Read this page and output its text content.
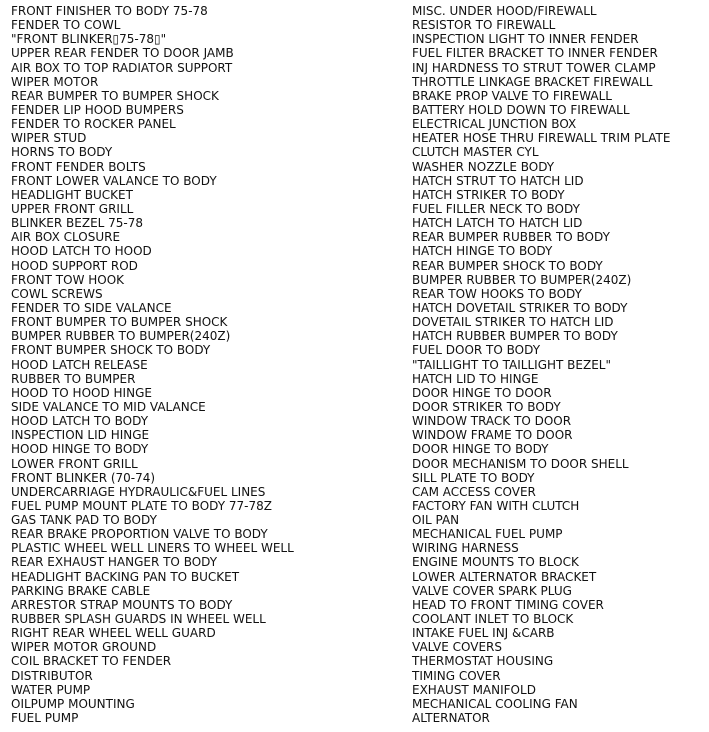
FRONT FINISHER TO BODY 75-78
FENDER TO COWL
"FRONT BLINKER▯75-78▯"
UPPER REAR FENDER TO DOOR JAMB
AIR BOX TO TOP RADIATOR SUPPORT
WIPER MOTOR
REAR BUMPER TO BUMPER SHOCK
FENDER LIP HOOD BUMPERS
FENDER TO ROCKER PANEL
WIPER STUD
HORNS TO BODY
FRONT FENDER BOLTS
FRONT LOWER VALANCE TO BODY
HEADLIGHT BUCKET
UPPER FRONT GRILL
BLINKER BEZEL 75-78
AIR BOX CLOSURE
HOOD LATCH TO HOOD
HOOD SUPPORT ROD
FRONT TOW HOOK
COWL SCREWS
FENDER TO SIDE VALANCE
FRONT BUMPER TO BUMPER SHOCK
BUMPER RUBBER TO BUMPER(240Z)
FRONT BUMPER SHOCK TO BODY
HOOD LATCH RELEASE
RUBBER TO BUMPER
HOOD TO HOOD HINGE
SIDE VALANCE TO MID VALANCE
HOOD LATCH TO BODY
INSPECTION LID HINGE
HOOD HINGE TO BODY
LOWER FRONT GRILL
FRONT BLINKER (70-74)
UNDERCARRIAGE HYDRAULIC&FUEL LINES
FUEL PUMP MOUNT PLATE TO BODY 77-78Z
GAS TANK PAD TO BODY
REAR BRAKE PROPORTION VALVE TO BODY
PLASTIC WHEEL WELL LINERS TO WHEEL WELL
REAR EXHAUST HANGER TO BODY
HEADLIGHT BACKING PAN TO BUCKET
PARKING BRAKE CABLE
ARRESTOR STRAP MOUNTS TO BODY
RUBBER SPLASH GUARDS IN WHEEL WELL
RIGHT REAR WHEEL WELL GUARD
WIPER MOTOR GROUND
COIL BRACKET TO FENDER
DISTRIBUTOR
WATER PUMP
OILPUMP MOUNTING
FUEL PUMP
MISC. UNDER HOOD/FIREWALL
RESISTOR TO FIREWALL
INSPECTION LIGHT TO INNER FENDER
FUEL FILTER BRACKET TO INNER FENDER
INJ HARDNESS TO STRUT TOWER CLAMP
THROTTLE LINKAGE BRACKET FIREWALL
BRAKE PROP VALVE TO FIREWALL
BATTERY HOLD DOWN TO FIREWALL
ELECTRICAL JUNCTION BOX
HEATER HOSE THRU FIREWALL TRIM PLATE
CLUTCH MASTER CYL
WASHER NOZZLE BODY
HATCH STRUT TO HATCH LID
HATCH STRIKER TO BODY
FUEL FILLER NECK TO BODY
HATCH LATCH TO HATCH LID
REAR BUMPER RUBBER TO BODY
HATCH HINGE TO BODY
REAR BUMPER SHOCK TO BODY
BUMPER RUBBER TO BUMPER(240Z)
REAR TOW HOOKS TO BODY
HATCH DOVETAIL STRIKER TO BODY
DOVETAIL STRIKER TO HATCH LID
HATCH RUBBER BUMPER TO BODY
FUEL DOOR TO BODY
"TAILLIGHT TO TAILLIGHT BEZEL"
HATCH LID TO HINGE
DOOR HINGE TO DOOR
DOOR STRIKER TO BODY
WINDOW TRACK TO DOOR
WINDOW FRAME TO DOOR
DOOR HINGE TO BODY
DOOR MECHANISM TO DOOR SHELL
SILL PLATE TO BODY
CAM ACCESS COVER
FACTORY FAN WITH CLUTCH
OIL PAN
MECHANICAL FUEL PUMP
WIRING HARNESS
ENGINE MOUNTS TO BLOCK
LOWER ALTERNATOR BRACKET
VALVE COVER SPARK PLUG
HEAD TO FRONT TIMING COVER
COOLANT INLET TO BLOCK
INTAKE FUEL INJ &CARB
VALVE COVERS
THERMOSTAT HOUSING
TIMING COVER
EXHAUST MANIFOLD
MECHANICAL COOLING FAN
ALTERNATOR
